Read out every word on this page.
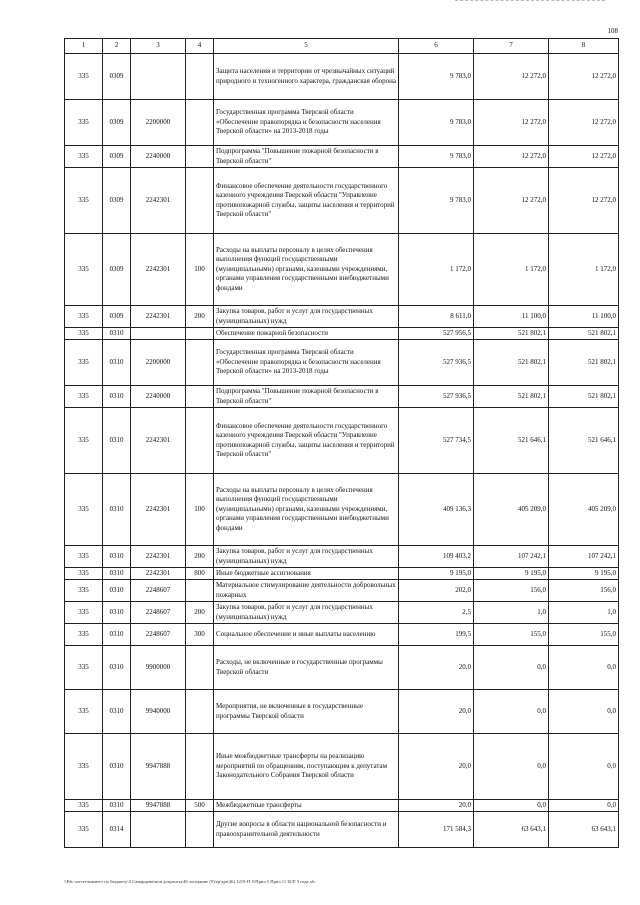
108
1	2	3	4	5	6	7	8
335	0309			Защита населения и территории от чрезвычайных ситуаций природного и техногенного характера, гражданская оборона	9 783,0	12 272,0	12 272,0
335	0309	2200000		Государственная программа Тверской области «Обеспечение правопорядка и безопасности населения Тверской области» на 2013-2018 годы	9 783,0	12 272,0	12 272,0
335	0309	2240000		Подпрограмма "Повышение пожарной безопасности в Тверской области"	9 783,0	12 272,0	12 272,0
335	0309	2242301		Финансовое обеспечение деятельности государственного казенного учреждения Тверской области "Управление противопожарной службы, защиты населения и территорий Тверской области"	9 783,0	12 272,0	12 272,0
335	0309	2242301	100	Расходы на выплаты персоналу в целях обеспечения выполнения функций государственными (муниципальными) органами, казенными учреждениями, органами управления государственными внебюджетными фондами	1 172,0	1 172,0	1 172,0
335	0309	2242301	200	Закупка товаров, работ и услуг для государственных (муниципальных) нужд	8 611,0	11 100,0	11 100,0
335	0310			Обеспечение пожарной безопасности	527 956,5	521 802,1	521 802,1
335	0310	2200000		Государственная программа Тверской области «Обеспечение правопорядка и безопасности населения Тверской области» на 2013-2018 годы	527 936,5	521 802,1	521 802,1
335	0310	2240000		Подпрограмма "Повышение пожарной безопасности в Тверской области"	527 936,5	521 802,1	521 802,1
335	0310	2242301		Финансовое обеспечение деятельности государственного казенного учреждения Тверской области "Управление противопожарной службы, защиты населения и территорий Тверской области"	527 734,5	521 646,1	521 646,1
335	0310	2242301	100	Расходы на выплаты персоналу в целях обеспечения выполнения функций государственными (муниципальными) органами, казенными учреждениями, органами управления государственными внебюджетными фондами	409 136,3	405 209,0	405 209,0
335	0310	2242301	200	Закупка товаров, работ и услуг для государственных (муниципальных) нужд	109 403,2	107 242,1	107 242,1
335	0310	2242301	800	Иные бюджетные ассигнования	9 195,0	9 195,0	9 195,0
335	0310	2248607		Материальное стимулирование деятельности добровольных пожарных	202,0	156,0	156,0
335	0310	2248607	200	Закупка товаров, работ и услуг для государственных (муниципальных) нужд	2,5	1,0	1,0
335	0310	2248607	300	Социальное обеспечение и иные выплаты населению	199,5	155,0	155,0
335	0310	9900000		Расходы, не включенные в государственные программы Тверской области	20,0	0,0	0,0
335	0310	9940000		Мероприятия, не включенные в государственные программы Тверской области	20,0	0,0	0,0
335	0310	9947888		Иные межбюджетные трансферты на реализацию мероприятий по обращениям, поступающим к депутатам Законодательного Собрания Тверской области	20,0	0,0	0,0
335	0310	9947888	500	Межбюджетные трансферты	20,0	0,0	0,0
335	0314			Другие вопросы в области национальной безопасности и правоохранительной деятельности	171 584,3	63 643,1	63 643,1
\\Pdc-server\комитет по бюджету\3 Самарцева\мои докуенты\46 заседание (9)\zp\zpr(46) 1219-П-5\Прил 5 Прил 11 БСР 3 года.xls
